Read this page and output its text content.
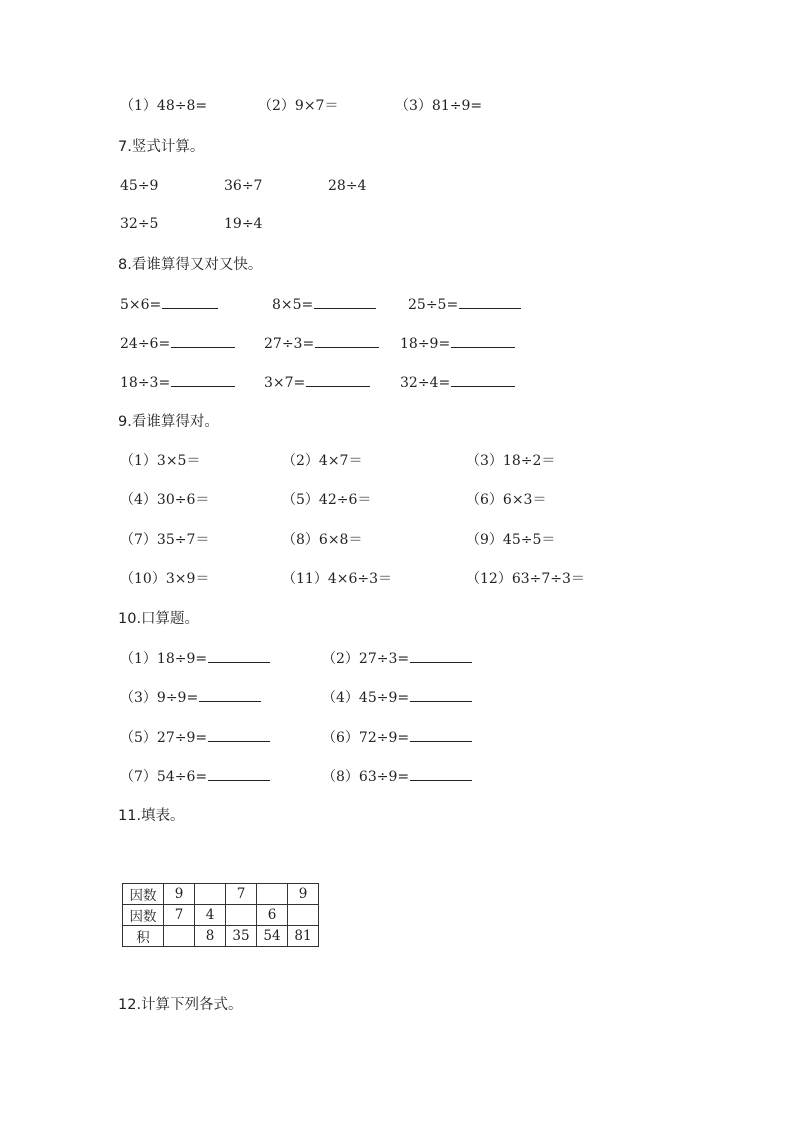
（1）48÷8=	（2）9×7＝	（3）81÷9=
7.竖式计算。
45÷9	36÷7	28÷4
32÷5	19÷4
8.看谁算得又对又快。
5×6=	8×5=	25÷5=
24÷6=	27÷3=	18÷9=
18÷3=	3×7=	32÷4=
9.看谁算得对。
（1）3×5＝	（2）4×7＝	（3）18÷2＝
（4）30÷6＝	（5）42÷6＝	（6）6×3＝
（7）35÷7＝	（8）6×8＝	（9）45÷5＝
（10）3×9＝	（11）4×6÷3＝	（12）63÷7÷3＝
10.口算题。
（1）18÷9=	（2）27÷3=
（3）9÷9=	（4）45÷9=
（5）27÷9=	（6）72÷9=
（7）54÷6=	（8）63÷9=
11.填表。
因数	9		7		9
因数	7	4		6	
积		8	35	54	81
12.计算下列各式。
